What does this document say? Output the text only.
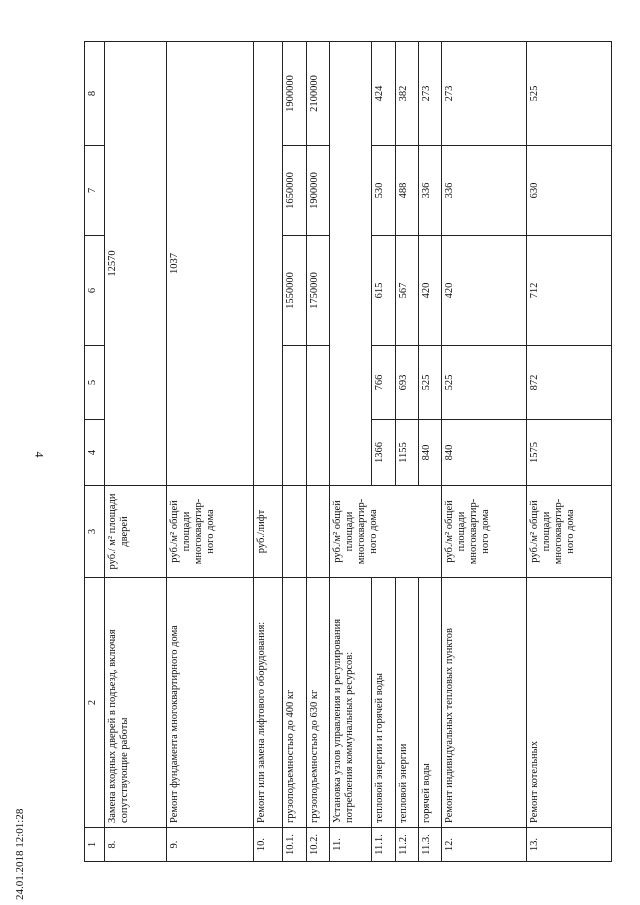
4
24.01.2018 12:01:28	1	2	3	4	5	6	7	8
8.	Замена входных дверей в подъезд, включая сопутствующие работы	руб./ м² площади дверей	12570				
9.	Ремонт фундамента многоквартирного дома	руб./м² общей площади многоквартир-ного дома	1037				
10.	Ремонт или замена лифтового оборудования:	руб./лифт					
10.1.	грузоподъемностью до 400 кг				1550000	1650000	1900000
10.2.	грузоподъемностью до 630 кг				1750000	1900000	2100000
11.	Установка узлов управления и регулирования потребления коммунальных ресурсов:	руб./м² общей площади многоквартир-ного дома					
11.1.	тепловой энергии и горячей воды		1366	766	615	530	424
11.2.	тепловой энергии		1155	693	567	488	382
11.3.	горячей воды		840	525	420	336	273
12.	Ремонт индивидуальных тепловых пунктов	руб./м² общей площади многоквартир-ного дома	840	525	420	336	273
13.	Ремонт котельных	руб./м² общей площади многоквартир-ного дома	1575	872	712	630	525
